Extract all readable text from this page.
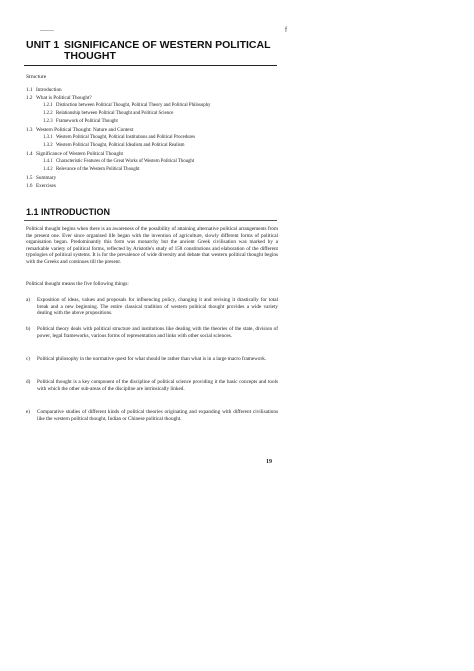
f
UNIT 1 SIGNIFICANCE OF WESTERN POLITICAL
THOUGHT
Structure
1.1 Introduction
1.2 What is Political Thought?
1.2.1 Distinction between Political Thought, Political Theory and Political Philosophy
1.2.2 Relationship between Political Thought and Political Science
1.2.3 Framework of Political Thought
1.3 Western Political Thought: Nature and Context
1.3.1 Western Political Thought, Political Institutions and Political Procedures
1.3.2 Western Political Thought, Political Idealism and Political Realism
1.4 Significance of Western Political Thought
1.4.1 Characteristic Features of the Great Works of Western Political Thought
1.4.2 Relevance of the Western Political Thought
1.5 Summary
1.6 Exercises
1.1 INTRODUCTION
Political thought begins when there is an awareness of the possibility of attaining alternative political arrangements from the present one. Ever since organised life began with the invention of agriculture, slowly different forms of political organisation began. Predominantly this form was monarchy but the ancient Greek civilisation was marked by a remarkable variety of political forms, reflected by Aristotle's study of 158 constitutions and elaboration of the different typologies of political systems. It is for the prevalence of wide diversity and debate that western political thought begins with the Greeks and continues till the present.
Political thought means the five following things:
a) Exposition of ideas, values and proposals for influencing policy, changing it and revising it drastically for total break and a new beginning. The entire classical tradition of western political thought provides a wide variety dealing with the above propositions.
b) Political theory deals with political structure and institutions like dealing with the theories of the state, division of power, legal frameworks, various forms of representation and links with other social sciences.
c) Political philosophy in the normative quest for what should be rather than what is in a large macro framework.
d) Political thought is a key component of the discipline of political science providing it the basic concepts and tools with which the other sub-areas of the discipline are intrinsically linked.
e) Comparative studies of different kinds of political theories originating and expanding with different civilisations like the western political thought, Indian or Chinese political thought.
19
